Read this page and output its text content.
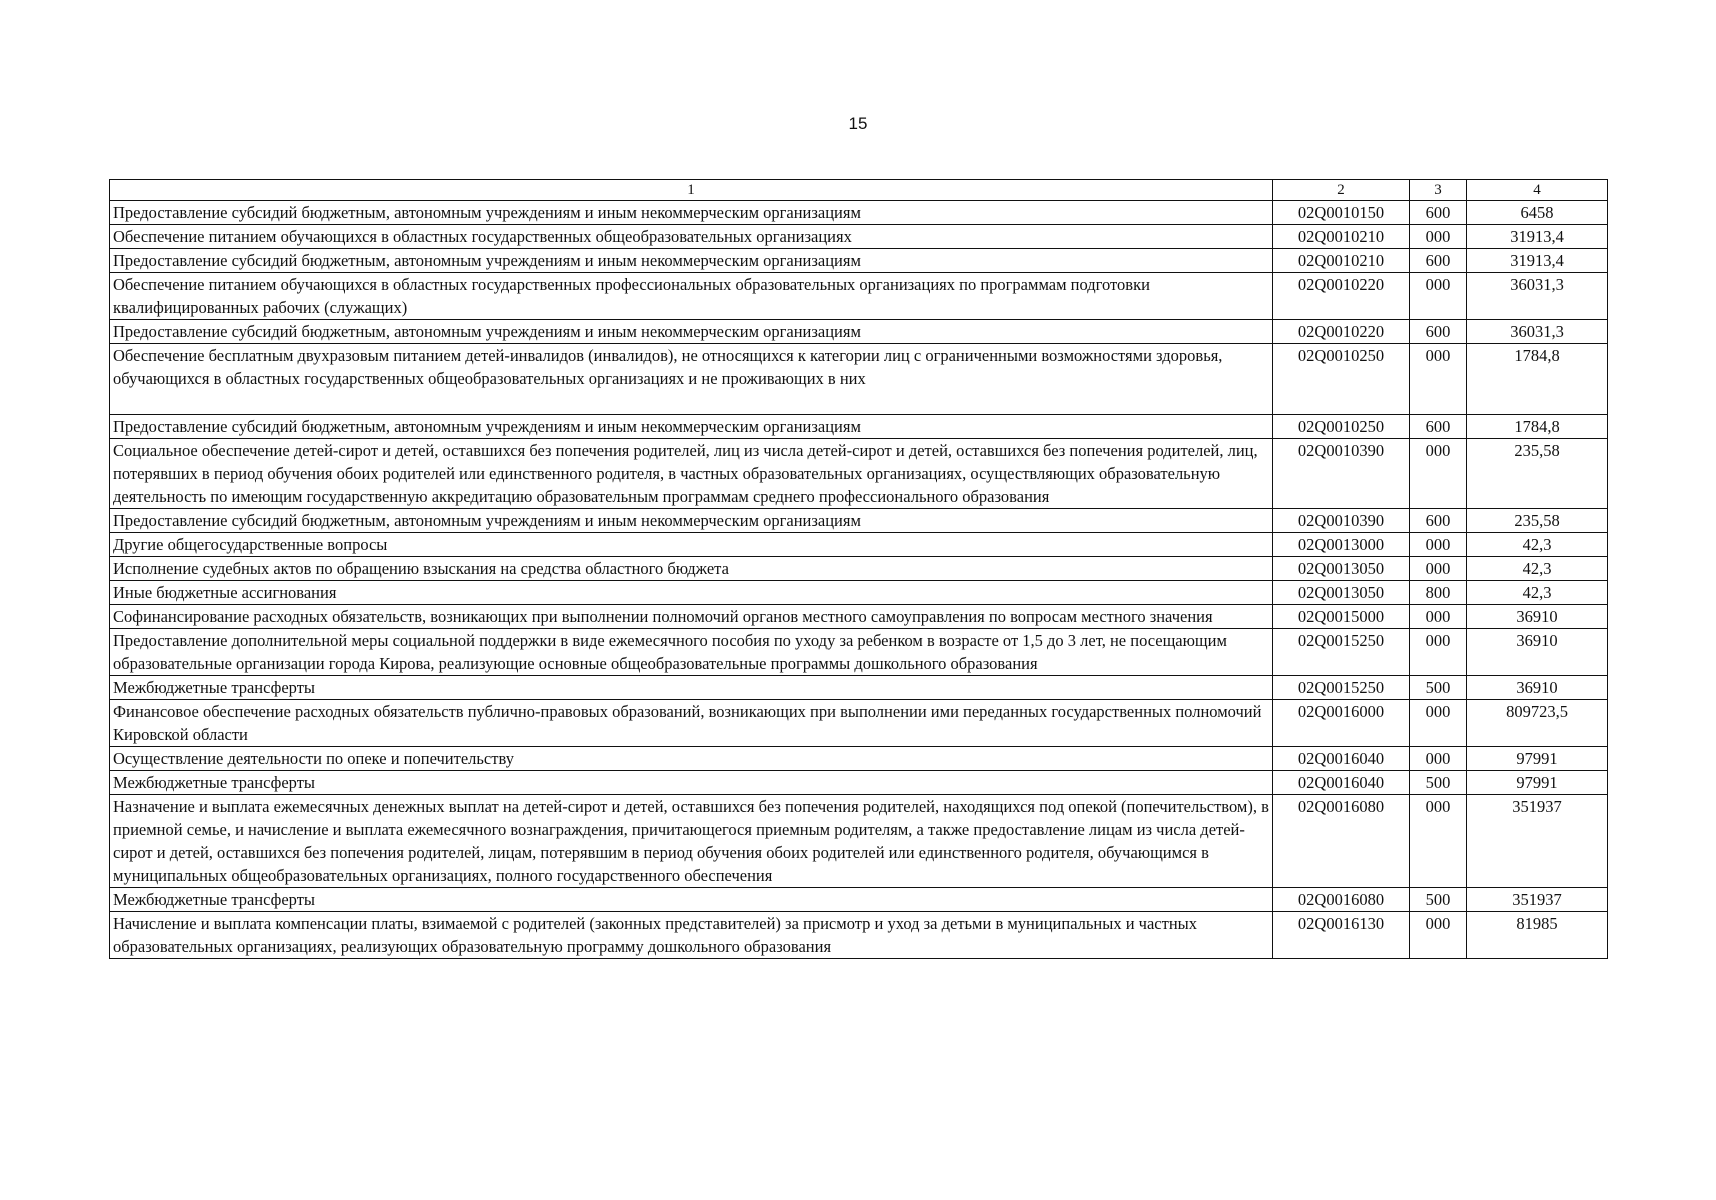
15
1	2	3	4
Предоставление субсидий бюджетным, автономным учреждениям и иным некоммерческим организациям	02Q0010150	600	6458
Обеспечение питанием обучающихся в областных государственных общеобразовательных организациях	02Q0010210	000	31913,4
Предоставление субсидий бюджетным, автономным учреждениям и иным некоммерческим организациям	02Q0010210	600	31913,4
Обеспечение питанием обучающихся в областных государственных профессиональных образовательных организациях по программам подготовки квалифицированных рабочих (служащих)	02Q0010220	000	36031,3
Предоставление субсидий бюджетным, автономным учреждениям и иным некоммерческим организациям	02Q0010220	600	36031,3
Обеспечение бесплатным двухразовым питанием детей-инвалидов (инвалидов), не относящихся к категории лиц с ограниченными возможностями здоровья, обучающихся в областных государственных общеобразовательных организациях и не проживающих в них	02Q0010250	000	1784,8
Предоставление субсидий бюджетным, автономным учреждениям и иным некоммерческим организациям	02Q0010250	600	1784,8
Социальное обеспечение детей-сирот и детей, оставшихся без попечения родителей, лиц из числа детей-сирот и детей, оставшихся без попечения родителей, лиц, потерявших в период обучения обоих родителей или единственного родителя, в частных образовательных организациях, осуществляющих образовательную деятельность по имеющим государственную аккредитацию образовательным программам среднего профессионального образования	02Q0010390	000	235,58
Предоставление субсидий бюджетным, автономным учреждениям и иным некоммерческим организациям	02Q0010390	600	235,58
Другие общегосударственные вопросы	02Q0013000	000	42,3
Исполнение судебных актов по обращению взыскания на средства областного бюджета	02Q0013050	000	42,3
Иные бюджетные ассигнования	02Q0013050	800	42,3
Софинансирование расходных обязательств, возникающих при выполнении полномочий органов местного самоуправления по вопросам местного значения	02Q0015000	000	36910
Предоставление дополнительной меры социальной поддержки в виде ежемесячного пособия по уходу за ребенком в возрасте от 1,5 до 3 лет, не посещающим образовательные организации города Кирова, реализующие основные общеобразовательные программы дошкольного образования	02Q0015250	000	36910
Межбюджетные трансферты	02Q0015250	500	36910
Финансовое обеспечение расходных обязательств публично-правовых образований, возникающих при выполнении ими переданных государственных полномочий Кировской области	02Q0016000	000	809723,5
Осуществление деятельности по опеке и попечительству	02Q0016040	000	97991
Межбюджетные трансферты	02Q0016040	500	97991
Назначение и выплата ежемесячных денежных выплат на детей-сирот и детей, оставшихся без попечения родителей, находящихся под опекой (попечительством), в приемной семье, и начисление и выплата ежемесячного вознаграждения, причитающегося приемным родителям, а также предоставление лицам из числа детей-сирот и детей, оставшихся без попечения родителей, лицам, потерявшим в период обучения обоих родителей или единственного родителя, обучающимся в муниципальных общеобразовательных организациях, полного государственного обеспечения	02Q0016080	000	351937
Межбюджетные трансферты	02Q0016080	500	351937
Начисление и выплата компенсации платы, взимаемой с родителей (законных представителей) за присмотр и уход за детьми в муниципальных и частных образовательных организациях, реализующих образовательную программу дошкольного образования	02Q0016130	000	81985
